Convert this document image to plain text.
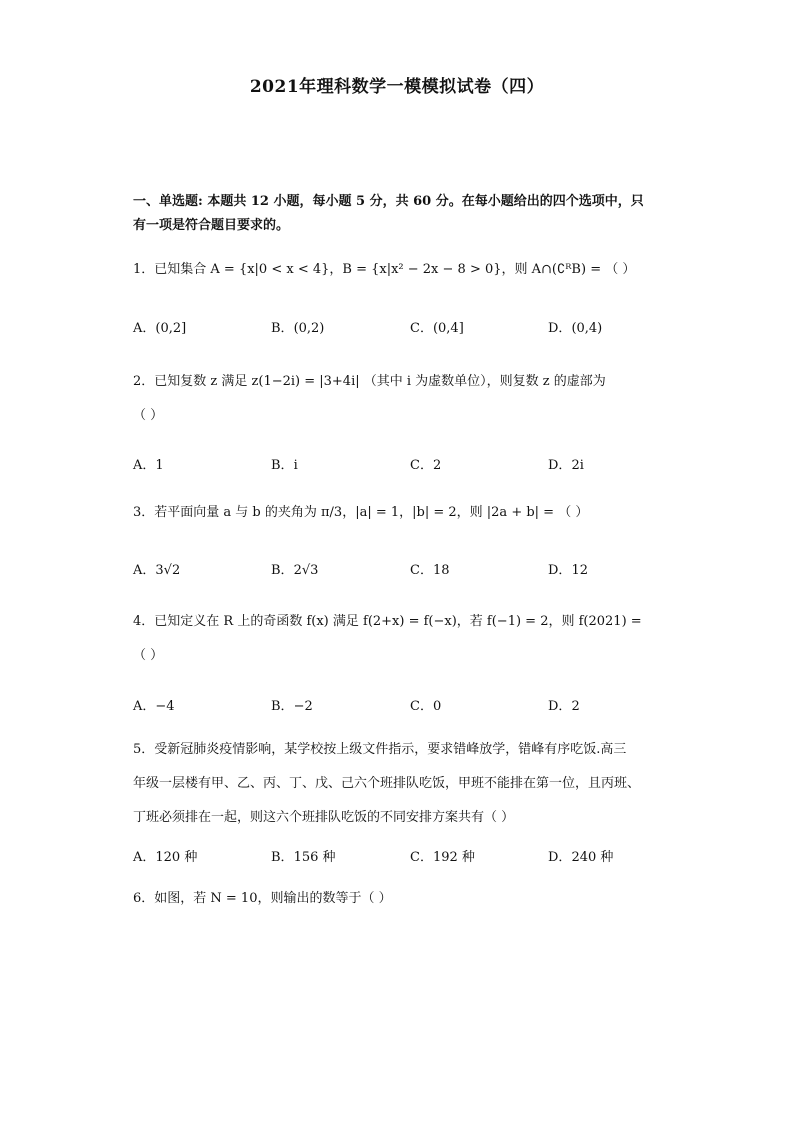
2021年理科数学一模模拟试卷（四）
一、单选题: 本题共 12 小题，每小题 5 分，共 60 分。在每小题给出的四个选项中，只
有一项是符合题目要求的。
1．已知集合 A = {x|0 < x < 4}，B = {x|x² − 2x − 8 > 0}，则 A∩(∁ᴿB) = （ ）
A．(0,2]	B．(0,2)	C．(0,4]	D．(0,4)
2．已知复数 z 满足 z(1−2i) = |3+4i| （其中 i 为虚数单位），则复数 z 的虚部为
（ ）
A．1	B．i	C．2	D．2i
3．若平面向量 a 与 b 的夹角为 π/3，|a| = 1，|b| = 2，则 |2a + b| = （ ）
A．3√2	B．2√3	C．18	D．12
4．已知定义在 R 上的奇函数 f(x) 满足 f(2+x) = f(−x)，若 f(−1) = 2，则 f(2021) =
（ ）
A．−4	B．−2	C．0	D．2
5．受新冠肺炎疫情影响，某学校按上级文件指示，要求错峰放学，错峰有序吃饭.高三
年级一层楼有甲、乙、丙、丁、戊、己六个班排队吃饭，甲班不能排在第一位，且丙班、
丁班必须排在一起，则这六个班排队吃饭的不同安排方案共有（ ）
A．120 种	B．156 种	C．192 种	D．240 种
6．如图，若 N = 10，则输出的数等于（ ）
